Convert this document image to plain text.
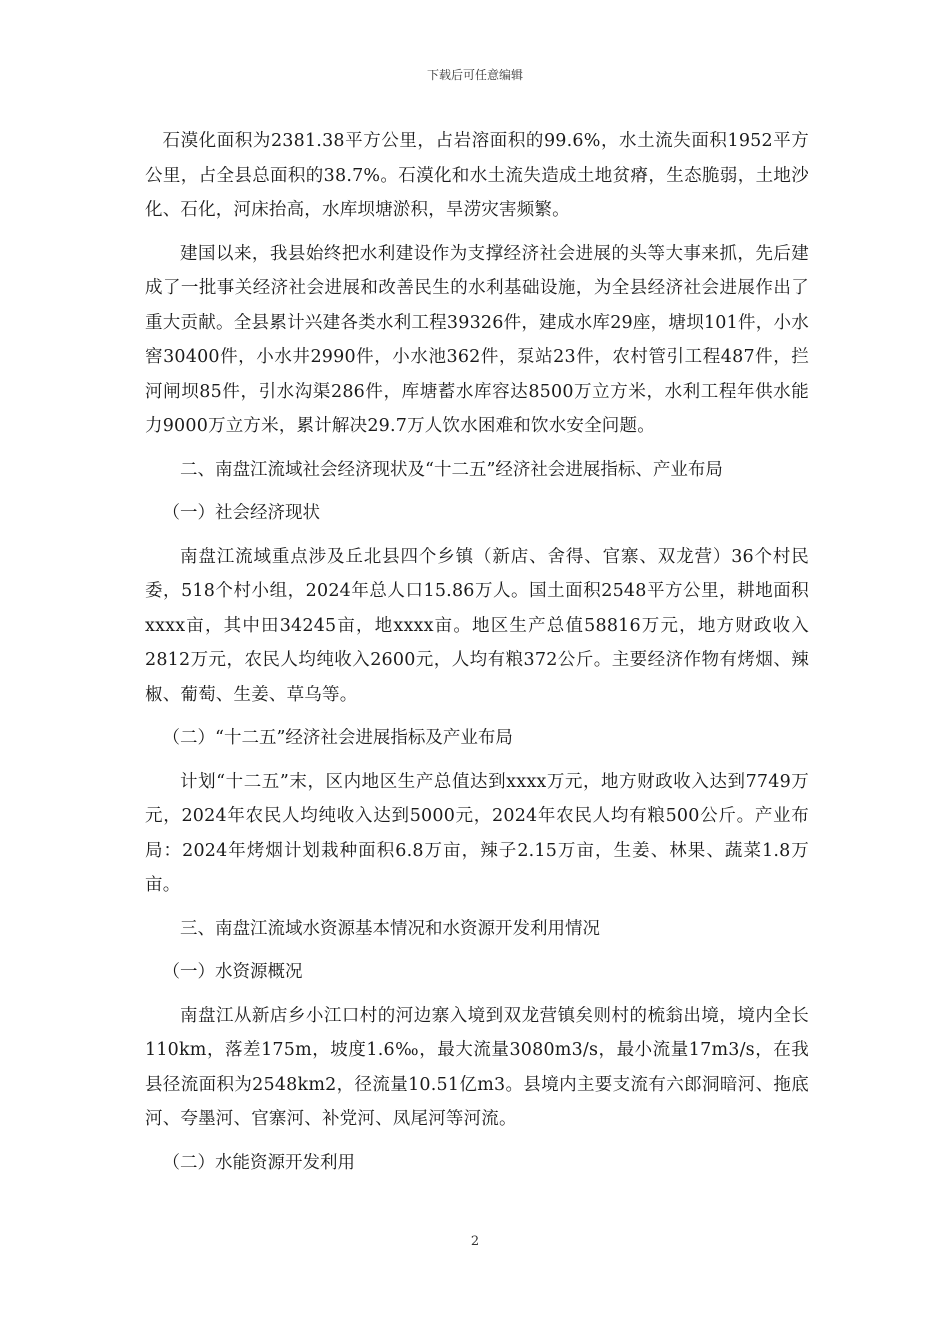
下载后可任意编辑

石漠化面积为2381.38平方公里，占岩溶面积的99.6%，水土流失面积1952平方公里，占全县总面积的38.7%。石漠化和水土流失造成土地贫瘠，生态脆弱，土地沙化、石化，河床抬高，水库坝塘淤积，旱涝灾害频繁。

建国以来，我县始终把水利建设作为支撑经济社会进展的头等大事来抓，先后建成了一批事关经济社会进展和改善民生的水利基础设施，为全县经济社会进展作出了重大贡献。全县累计兴建各类水利工程39326件，建成水库29座，塘坝101件，小水窖30400件，小水井2990件，小水池362件，泵站23件，农村管引工程487件，拦河闸坝85件，引水沟渠286件，库塘蓄水库容达8500万立方米，水利工程年供水能力9000万立方米，累计解决29.7万人饮水困难和饮水安全问题。

二、南盘江流域社会经济现状及“十二五”经济社会进展指标、产业布局

（一）社会经济现状

南盘江流域重点涉及丘北县四个乡镇（新店、舍得、官寨、双龙营）36个村民委，518个村小组，2024年总人口15.86万人。国土面积2548平方公里，耕地面积xxxx亩，其中田34245亩，地xxxx亩。地区生产总值58816万元，地方财政收入2812万元，农民人均纯收入2600元，人均有粮372公斤。主要经济作物有烤烟、辣椒、葡萄、生姜、草乌等。

（二）“十二五”经济社会进展指标及产业布局

计划“十二五”末，区内地区生产总值达到xxxx万元，地方财政收入达到7749万元，2024年农民人均纯收入达到5000元，2024年农民人均有粮500公斤。产业布局：2024年烤烟计划栽种面积6.8万亩，辣子2.15万亩，生姜、林果、蔬菜1.8万亩。

三、南盘江流域水资源基本情况和水资源开发利用情况

（一）水资源概况

南盘江从新店乡小江口村的河边寨入境到双龙营镇矣则村的梳翁出境，境内全长110km，落差175m，坡度1.6‰，最大流量3080m3/s，最小流量17m3/s，在我县径流面积为2548km2，径流量10.51亿m3。县境内主要支流有六郎洞暗河、拖底河、夸墨河、官寨河、补党河、凤尾河等河流。

（二）水能资源开发利用

2
